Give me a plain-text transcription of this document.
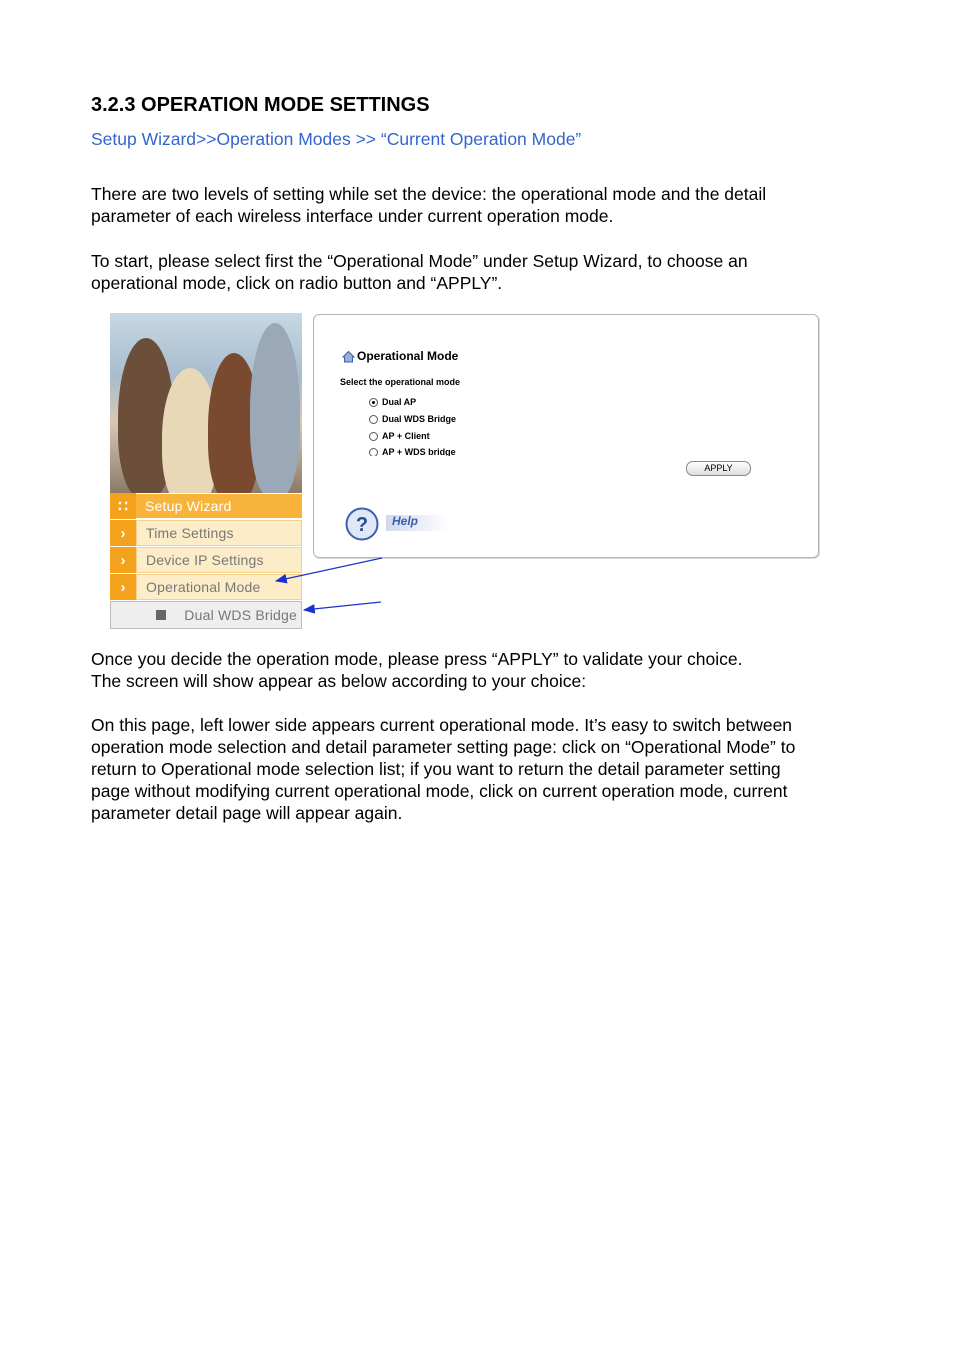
3.2.3 OPERATION MODE SETTINGS
Setup Wizard>>Operation Modes >> “Current Operation Mode”

There are two levels of setting while set the device: the operational mode and the detail
parameter of each wireless interface under current operation mode.

To start, please select first the “Operational Mode” under Setup Wizard, to choose an
operational mode, click on radio button and “APPLY”.

∷	Setup Wizard
›	Time Settings
›	Device IP Settings
›	Operational Mode
Dual WDS Bridge
Operational Mode
Select the operational mode
Dual AP
Dual WDS Bridge
AP + Client
AP + WDS bridge
APPLY
? Help

Once you decide the operation mode, please press “APPLY” to validate your choice.
The screen will show appear as below according to your choice:

On this page, left lower side appears current operational mode. It’s easy to switch between
operation mode selection and detail parameter setting page: click on “Operational Mode” to
return to Operational mode selection list; if you want to return the detail parameter setting
page without modifying current operational mode, click on current operation mode, current
parameter detail page will appear again.
